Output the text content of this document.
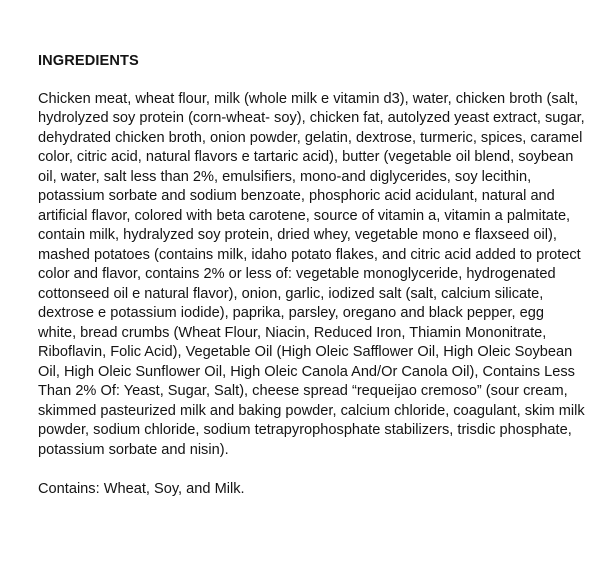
INGREDIENTS

Chicken meat, wheat flour, milk (whole milk e vitamin d3), water, chicken broth (salt, hydrolyzed soy protein (corn-wheat- soy), chicken fat, autolyzed yeast extract, sugar, dehydrated chicken broth, onion powder, gelatin, dextrose, turmeric, spices, caramel color, citric acid, natural flavors e tartaric acid), butter (vegetable oil blend, soybean oil, water, salt less than 2%, emulsifiers, mono-and diglycerides, soy lecithin, potassium sorbate and sodium benzoate, phosphoric acid acidulant, natural and artificial flavor, colored with beta carotene, source of vitamin a, vitamin a palmitate, contain milk, hydralyzed soy protein, dried whey, vegetable mono e flaxseed oil), mashed potatoes (contains milk, idaho potato flakes, and citric acid added to protect color and flavor, contains 2% or less of: vegetable monoglyceride, hydrogenated cottonseed oil e natural flavor), onion, garlic, iodized salt (salt, calcium silicate, dextrose e potassium iodide), paprika, parsley, oregano and black pepper, egg white, bread crumbs (Wheat Flour, Niacin, Reduced Iron, Thiamin Mononitrate, Riboflavin, Folic Acid), Vegetable Oil (High Oleic Safflower Oil, High Oleic Soybean Oil, High Oleic Sunflower Oil, High Oleic Canola And/Or Canola Oil), Contains Less Than 2% Of: Yeast, Sugar, Salt), cheese spread “requeijao cremoso” (sour cream, skimmed pasteurized milk and baking powder, calcium chloride, coagulant, skim milk powder, sodium chloride, sodium tetrapyrophosphate stabilizers, trisdic phosphate, potassium sorbate and nisin).

Contains: Wheat, Soy, and Milk.
